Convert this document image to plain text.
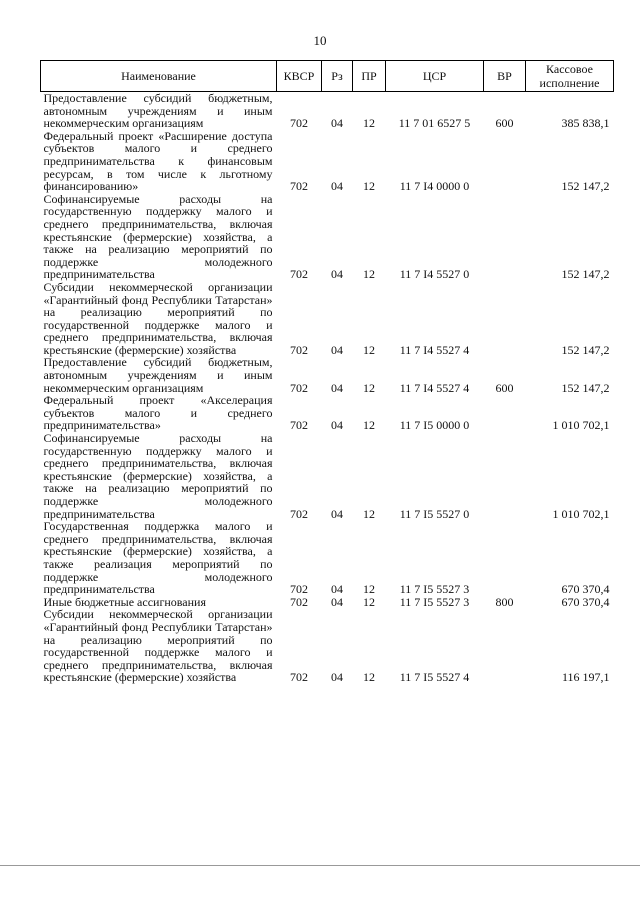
10
Наименование	КВСР	Рз	ПР	ЦСР	ВР	Кассовое исполнение
Предоставление субсидий бюджетным, автономным учреждениям и иным некоммерческим организациям	702	04	12	11 7 01 6527 5	600	385 838,1
Федеральный проект «Расширение доступа субъектов малого и среднего предпринимательства к финансовым ресурсам, в том числе к льготному финансированию»	702	04	12	11 7 I4 0000 0		152 147,2
Софинансируемые расходы на государственную поддержку малого и среднего предпринимательства, включая крестьянские (фермерские) хозяйства, а также на реализацию мероприятий по поддержке молодежного предпринимательства	702	04	12	11 7 I4 5527 0		152 147,2
Субсидии некоммерческой организации «Гарантийный фонд Республики Татарстан» на реализацию мероприятий по государственной поддержке малого и среднего предпринимательства, включая крестьянские (фермерские) хозяйства	702	04	12	11 7 I4 5527 4		152 147,2
Предоставление субсидий бюджетным, автономным учреждениям и иным некоммерческим организациям	702	04	12	11 7 I4 5527 4	600	152 147,2
Федеральный проект «Акселерация субъектов малого и среднего предпринимательства»	702	04	12	11 7 I5 0000 0		1 010 702,1
Софинансируемые расходы на государственную поддержку малого и среднего предпринимательства, включая крестьянские (фермерские) хозяйства, а также на реализацию мероприятий по поддержке молодежного предпринимательства	702	04	12	11 7 I5 5527 0		1 010 702,1
Государственная поддержка малого и среднего предпринимательства, включая крестьянские (фермерские) хозяйства, а также реализация мероприятий по поддержке молодежного предпринимательства	702	04	12	11 7 I5 5527 3		670 370,4
Иные бюджетные ассигнования	702	04	12	11 7 I5 5527 3	800	670 370,4
Субсидии некоммерческой организации «Гарантийный фонд Республики Татарстан» на реализацию мероприятий по государственной поддержке малого и среднего предпринимательства, включая крестьянские (фермерские) хозяйства	702	04	12	11 7 I5 5527 4		116 197,1
